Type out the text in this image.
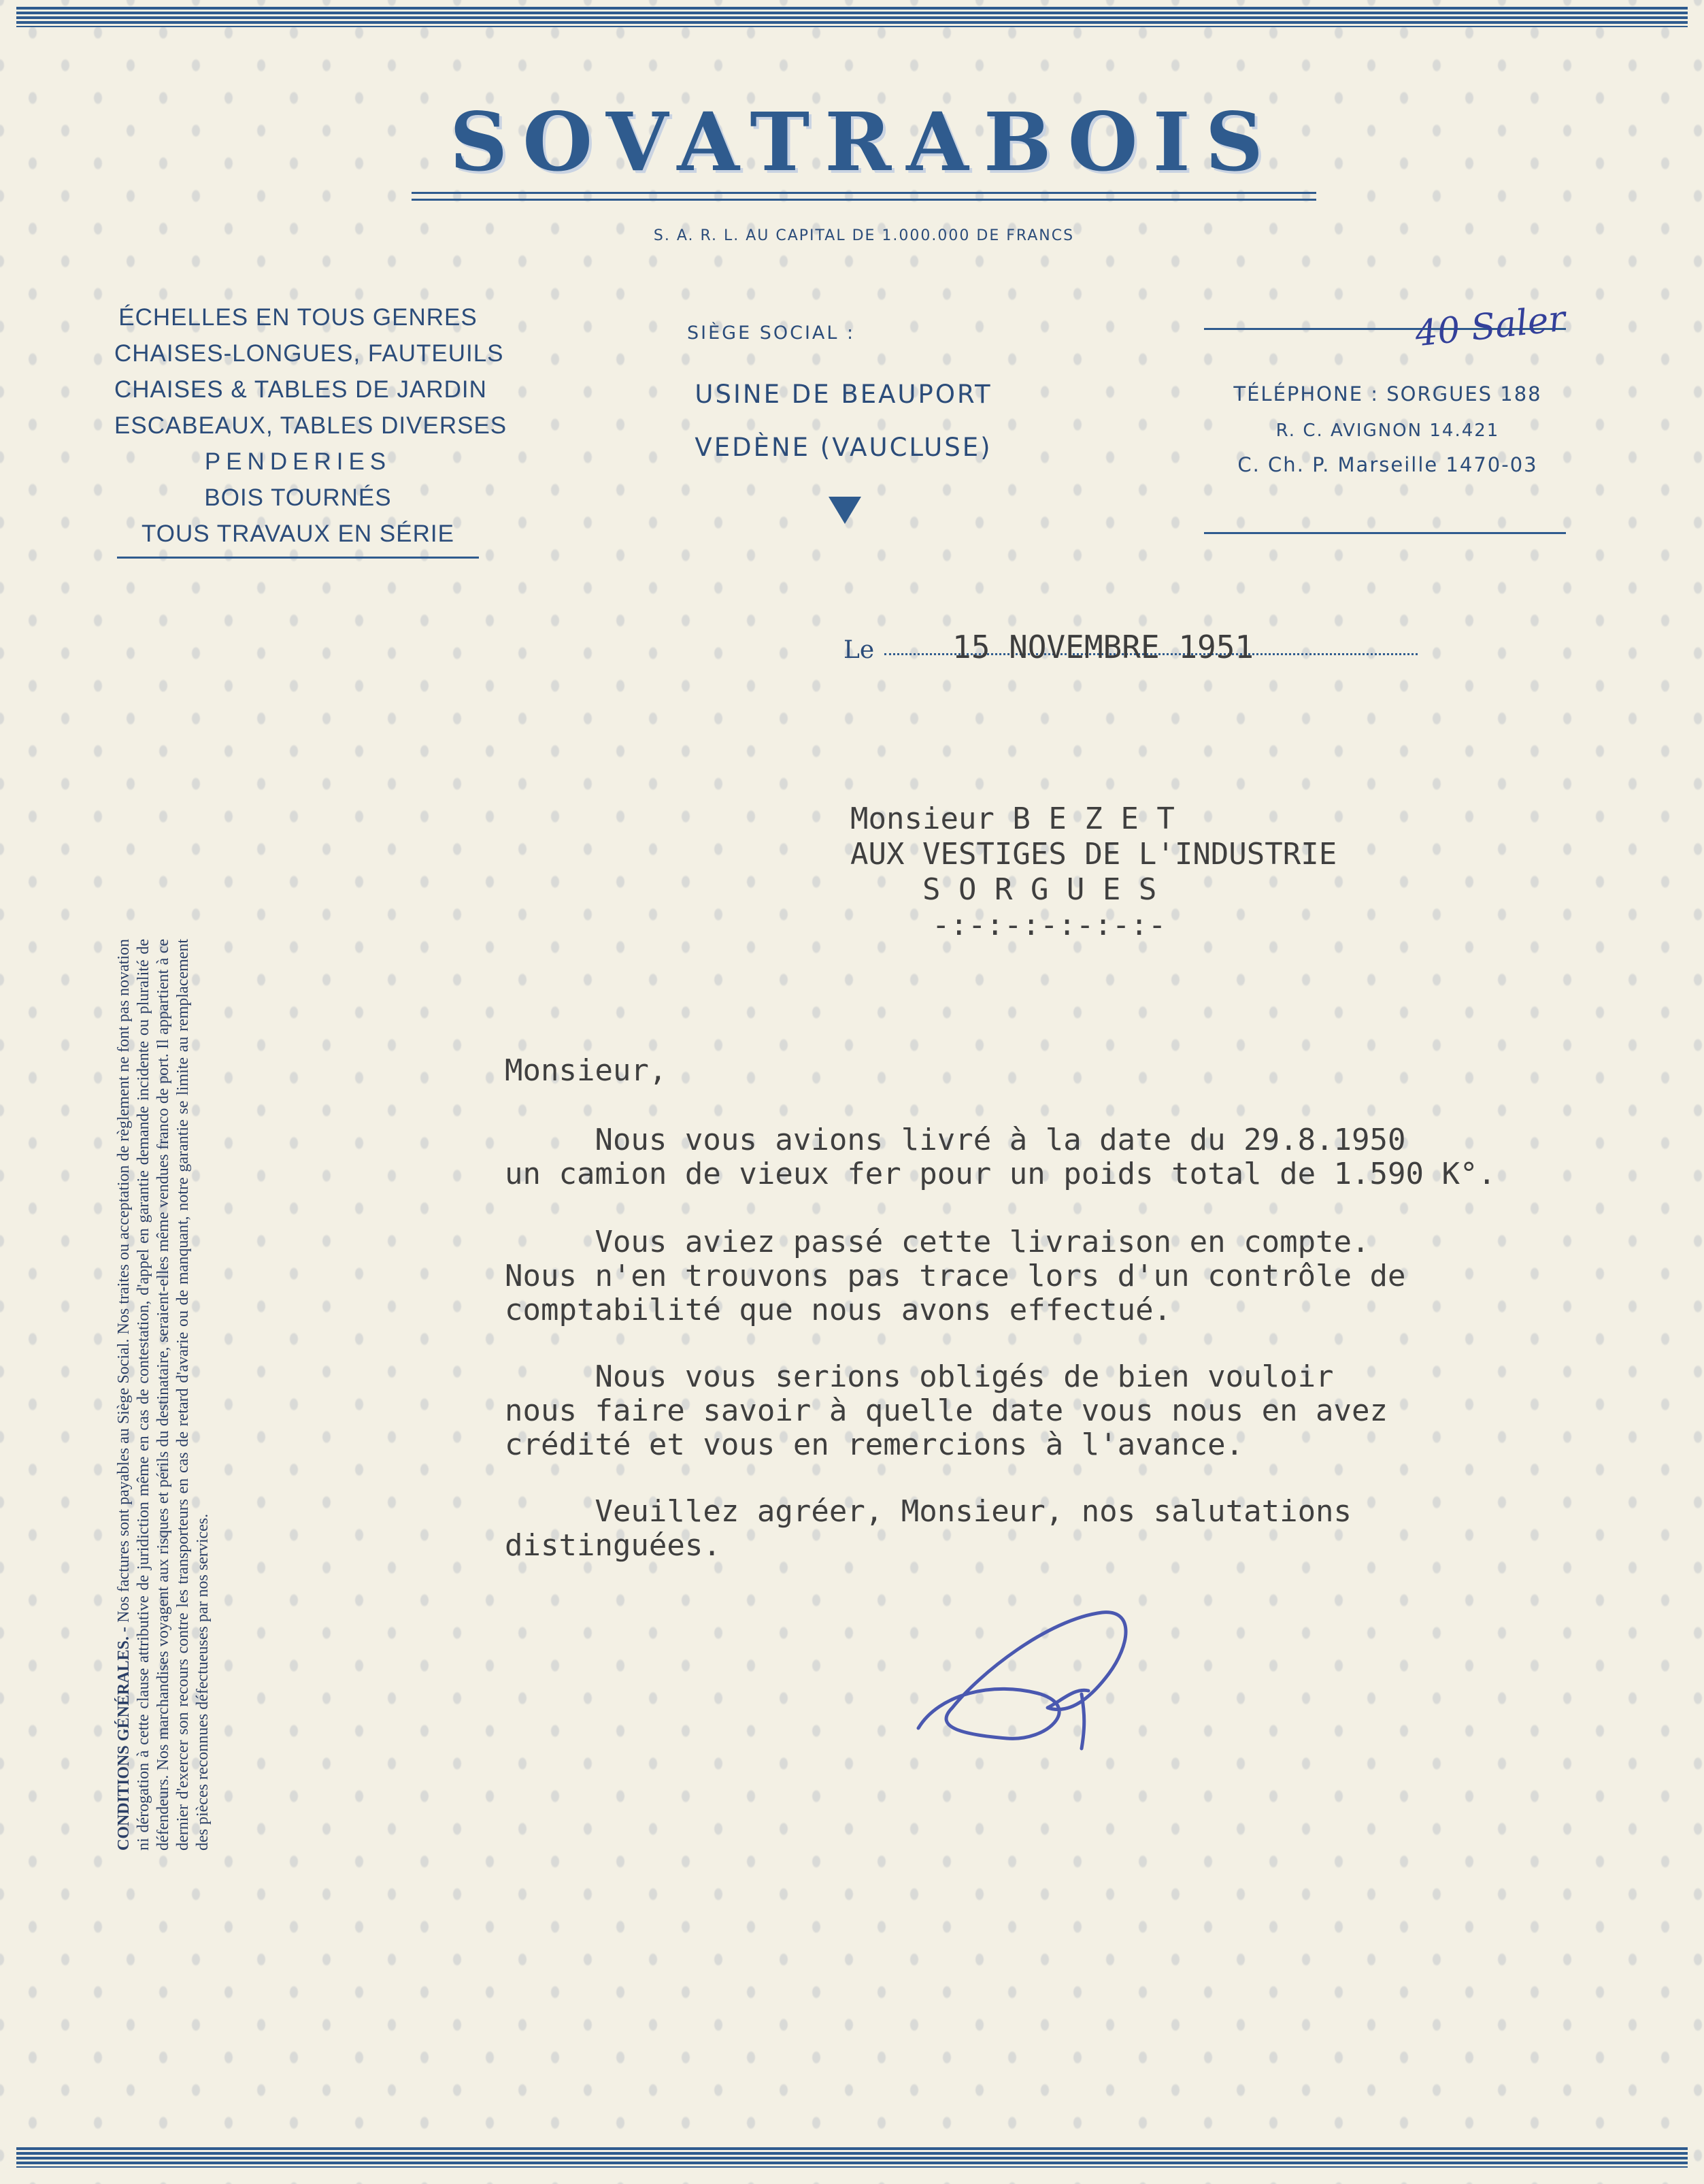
SOVATRABOIS
S. A. R. L. AU CAPITAL DE 1.000.000 DE FRANCS
ÉCHELLES EN TOUS GENRES
CHAISES-LONGUES, FAUTEUILS
CHAISES & TABLES DE JARDIN
ESCABEAUX, TABLES DIVERSES
PENDERIES
BOIS TOURNÉS
TOUS TRAVAUX EN SÉRIE
SIÈGE SOCIAL :
USINE DE BEAUPORT
VEDÈNE (VAUCLUSE)
40 Saler
TÉLÉPHONE : SORGUES 188
R. C. AVIGNON 14.421
C. Ch. P. Marseille 1470-03
Le 15 NOVEMBRE 1951
Monsieur B E Z E T
AUX VESTIGES DE L'INDUSTRIE
S O R G U E S
-:-:-:-:-:-:-
Monsieur,
Nous vous avions livré à la date du 29.8.1950
un camion de vieux fer pour un poids total de 1.590 K°.
Vous aviez passé cette livraison en compte.
Nous n'en trouvons pas trace lors d'un contrôle de
comptabilité que nous avons effectué.
Nous vous serions obligés de bien vouloir
nous faire savoir à quelle date vous nous en avez
crédité et vous en remercions à l'avance.
Veuillez agréer, Monsieur, nos salutations
distinguées.
CONDITIONS GÉNÉRALES. - Nos factures sont payables au Siège Social. Nos traites ou acceptation de règlement ne font pas novation ni dérogation à cette clause attributive de juridiction même en cas de contestation, d'appel en garantie demande incidente ou pluralité de défendeurs. Nos marchandises voyagent aux risques et périls du destinataire, seraient-elles même vendues franco de port. Il appartient à ce dernier d'exercer son recours contre les transporteurs en cas de retard d'avarie ou de manquant, notre garantie se limite au remplacement des pièces reconnues défectueuses par nos services.
